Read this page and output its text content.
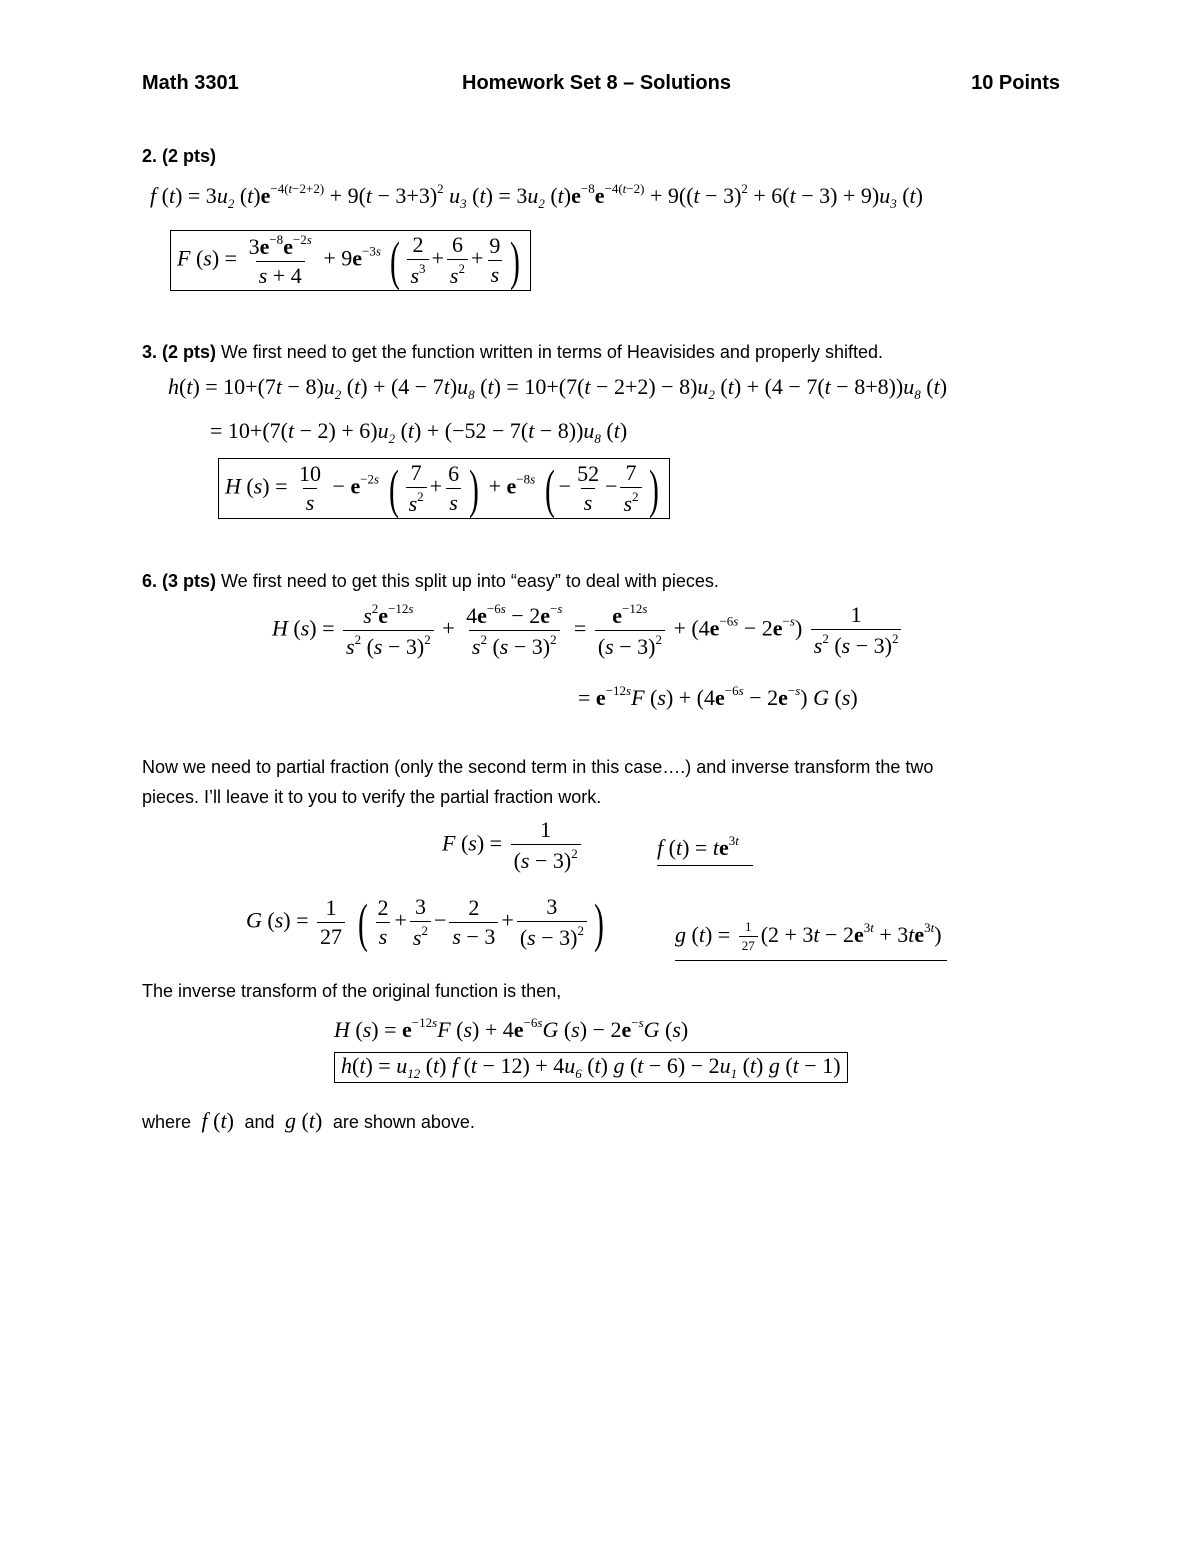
Math 3301	Homework Set 8 – Solutions	10 Points
2. (2 pts)
f $(t) = 3u_2$ $(t)e^{-4(t-2+2)} + 9(t - 3+3)^2$ $u_3$ $(t) = 3u_2$ $(t)e^{-8}e^{-4(t-2)} + 9((t - 3)^2 + 6(t - 3) + 9)u_3$ (t)
F $(s) = \frac{3e^{-8}e^{-2s}}{s + 4} + 9e^{-3s}$ ( $\frac{2}{s^3} + \frac{6}{s^2} + \frac{9}{s}$ )
3. (2 pts) We first need to get the function written in terms of Heavisides and properly shifted.
$h(t) = 10+(7t - 8)u_2$ $(t) + (4 - 7t)u_8$ $(t) = 10+(7(t - 2+2) - 8)u_2$ $(t) + (4 - 7(t - 8+8))u_8$ (t)
= $10+(7(t - 2) + 6)u_2$ $(t) + (-52 - 7(t - 8))u_8$ (t)
H $(s) = \frac{10}{s} - e^{-2s}$ ( $\frac{7}{s^2} + \frac{6}{s}$ ) + $e^{-8s}$ ( − $\frac{52}{s} - \frac{7}{s^2}$ )
6. (3 pts) We first need to get this split up into “easy” to deal with pieces.
H $(s) = \frac{s^2e^{-12s}}{s^2 (s - 3)^2} + \frac{4e^{-6s} - 2e^{-s}}{s^2 (s - 3)^2} = \frac{e^{-12s}}{(s - 3)^2} + (4e^{-6s} - 2e^{-s}) \frac{1}{s^2 (s - 3)^2}$
= $e^{-12s}F$ $(s) + (4e^{-6s} - 2e^{-s})$ G (s)
Now we need to partial fraction (only the second term in this case….) and inverse transform the two
pieces. I’ll leave it to you to verify the partial fraction work.
F $(s) = \frac{1}{(s - 3)^2}$	f $(t) = te^{3t}$
G $(s) = \frac{1}{27}$ ( $\frac{2}{s} + \frac{3}{s^2} - \frac{2}{s - 3} + \frac{3}{(s - 3)^2}$ )	g $(t) = \frac{1}{27} (2 + 3t - 2e^{3t} + 3te^{3t})$
The inverse transform of the original function is then,
H $(s) = e^{-12s}F$ $(s) + 4e^{-6s}G$ $(s) - 2e^{-s}G$ (s)
$h(t) = u_{12}$ (t) f $(t - 12) + 4u_6$ (t) g $(t - 6) - 2u_1$ (t) g (t − 1)
where f (t)  and g (t)  are shown above.
